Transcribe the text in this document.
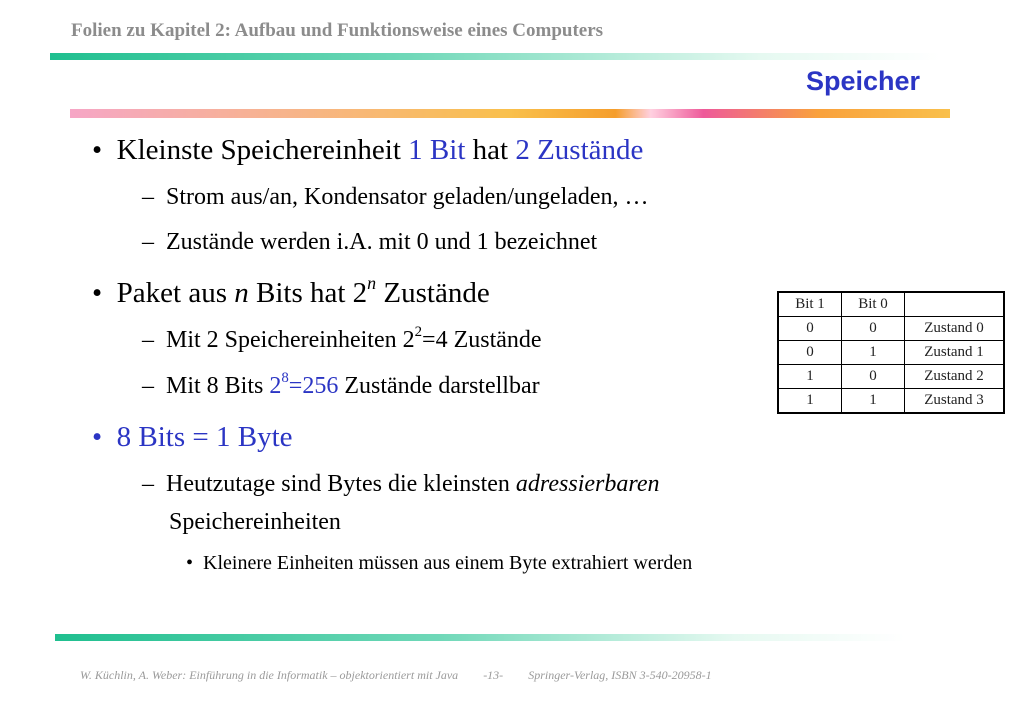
Folien zu Kapitel 2: Aufbau und Funktionsweise eines Computers
Speicher
•  Kleinste Speichereinheit 1 Bit hat 2 Zustände
–  Strom aus/an, Kondensator geladen/ungeladen, …
–  Zustände werden i.A. mit 0 und 1 bezeichnet
•  Paket aus n Bits hat 2$^n$ Zustände
–  Mit 2 Speichereinheiten $2^2=4$ Zustände
–  Mit 8 Bits $2^8=256$ Zustände darstellbar
•  8 Bits = 1 Byte
–  Heutzutage sind Bytes die kleinsten adressierbaren
Speichereinheiten
•  Kleinere Einheiten müssen aus einem Byte extrahiert werden
Bit 1	Bit 0	
0	0	Zustand 0
0	1	Zustand 1
1	0	Zustand 2
1	1	Zustand 3
W. Küchlin, A. Weber: Einführung in die Informatik – objektorientiert mit Java -13- Springer-Verlag, ISBN 3-540-20958-1
